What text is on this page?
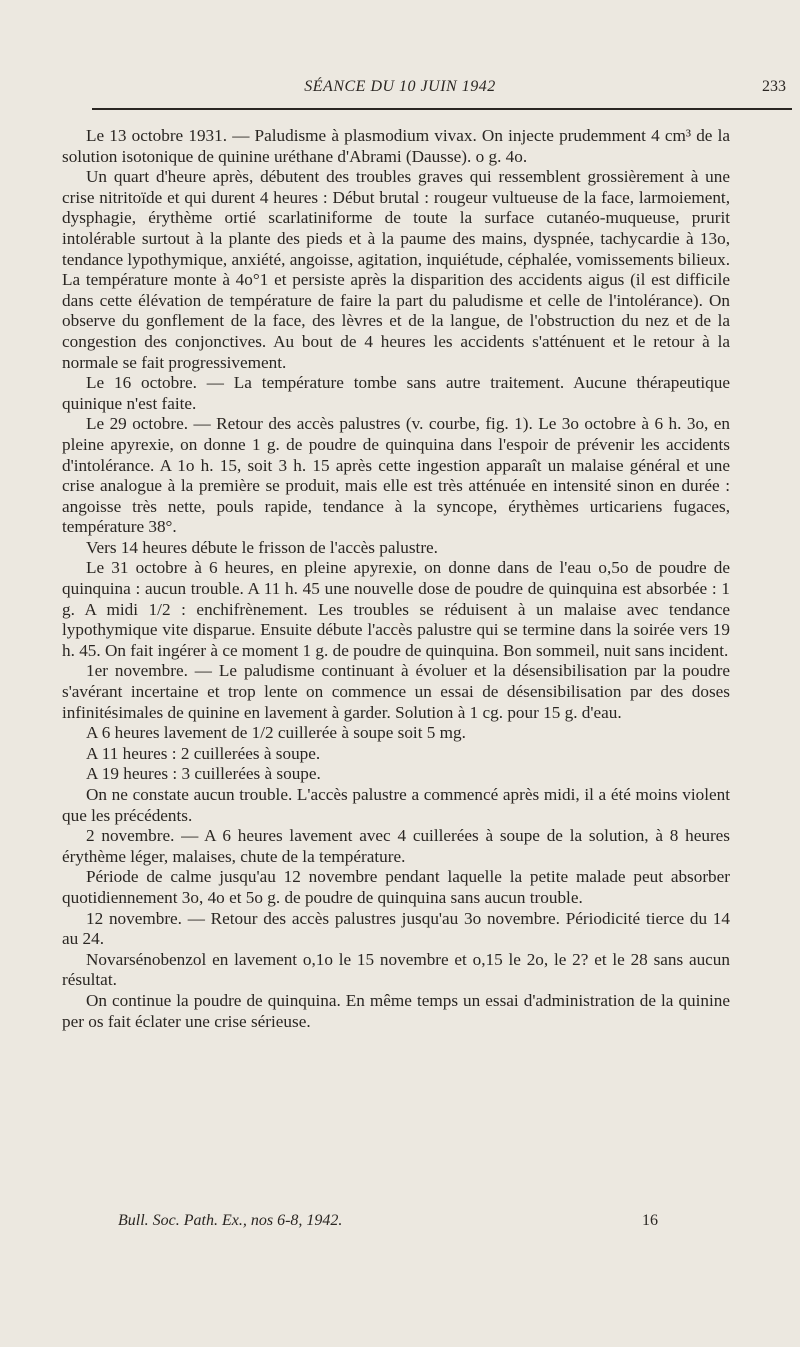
SÉANCE DU 10 JUIN 1942	233

Le 13 octobre 1931. — Paludisme à plasmodium vivax. On injecte prudemment 4 cm³ de la solution isotonique de quinine uréthane d'Abrami (Dausse). o g. 4o.

Un quart d'heure après, débutent des troubles graves qui ressemblent grossièrement à une crise nitritoïde et qui durent 4 heures : Début brutal : rougeur vultueuse de la face, larmoiement, dysphagie, érythème ortié scarlatiniforme de toute la surface cutanéo-muqueuse, prurit intolérable surtout à la plante des pieds et à la paume des mains, dyspnée, tachycardie à 13o, tendance lypothymique, anxiété, angoisse, agitation, inquiétude, céphalée, vomissements bilieux. La température monte à 4o°1 et persiste après la disparition des accidents aigus (il est difficile dans cette élévation de température de faire la part du paludisme et celle de l'intolérance). On observe du gonflement de la face, des lèvres et de la langue, de l'obstruction du nez et de la congestion des conjonctives. Au bout de 4 heures les accidents s'atténuent et le retour à la normale se fait progressivement.

Le 16 octobre. — La température tombe sans autre traitement. Aucune thérapeutique quinique n'est faite.

Le 29 octobre. — Retour des accès palustres (v. courbe, fig. 1). Le 3o octobre à 6 h. 3o, en pleine apyrexie, on donne 1 g. de poudre de quinquina dans l'espoir de prévenir les accidents d'intolérance. A 1o h. 15, soit 3 h. 15 après cette ingestion apparaît un malaise général et une crise analogue à la première se produit, mais elle est très atténuée en intensité sinon en durée : angoisse très nette, pouls rapide, tendance à la syncope, érythèmes urticariens fugaces, température 38°.

Vers 14 heures débute le frisson de l'accès palustre.

Le 31 octobre à 6 heures, en pleine apyrexie, on donne dans de l'eau o,5o de poudre de quinquina : aucun trouble. A 11 h. 45 une nouvelle dose de poudre de quinquina est absorbée : 1 g. A midi 1/2 : enchifrènement. Les troubles se réduisent à un malaise avec tendance lypothymique vite disparue. Ensuite débute l'accès palustre qui se termine dans la soirée vers 19 h. 45. On fait ingérer à ce moment 1 g. de poudre de quinquina. Bon sommeil, nuit sans incident.

1er novembre. — Le paludisme continuant à évoluer et la désensibilisation par la poudre s'avérant incertaine et trop lente on commence un essai de désensibilisation par des doses infinitésimales de quinine en lavement à garder. Solution à 1 cg. pour 15 g. d'eau.

A 6 heures lavement de 1/2 cuillerée à soupe soit 5 mg.

A 11 heures : 2 cuillerées à soupe.

A 19 heures : 3 cuillerées à soupe.

On ne constate aucun trouble. L'accès palustre a commencé après midi, il a été moins violent que les précédents.

2 novembre. — A 6 heures lavement avec 4 cuillerées à soupe de la solution, à 8 heures érythème léger, malaises, chute de la température.

Période de calme jusqu'au 12 novembre pendant laquelle la petite malade peut absorber quotidiennement 3o, 4o et 5o g. de poudre de quinquina sans aucun trouble.

12 novembre. — Retour des accès palustres jusqu'au 3o novembre. Périodicité tierce du 14 au 24.

Novarsénobenzol en lavement o,1o le 15 novembre et o,15 le 2o, le 2? et le 28 sans aucun résultat.

On continue la poudre de quinquina. En même temps un essai d'administration de la quinine per os fait éclater une crise sérieuse.

Bull. Soc. Path. Ex., nos 6-8, 1942.	16
